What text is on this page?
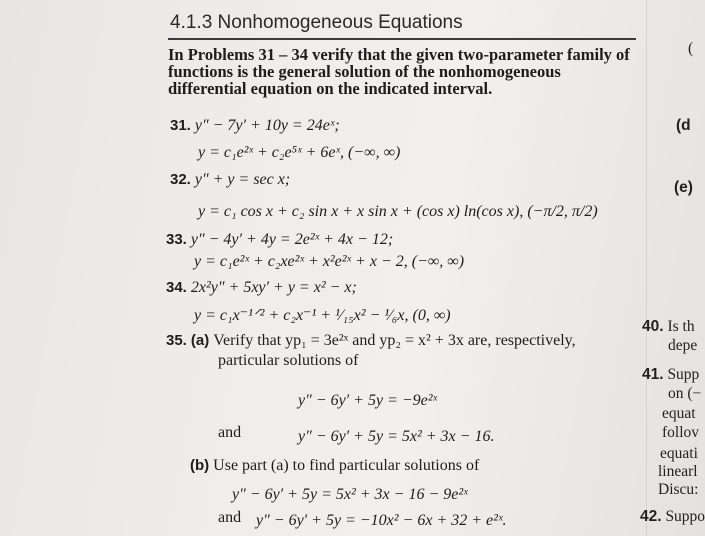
4.1.3 Nonhomogeneous Equations
In Problems 31 – 34 verify that the given two-parameter family of functions is the general solution of the nonhomogeneous differential equation on the indicated interval.
31. y″ − 7y′ + 10y = 24eˣ;
y = c₁e²ˣ + c₂e⁵ˣ + 6eˣ, (−∞, ∞)
32. y″ + y = sec x;
y = c₁ cos x + c₂ sin x + x sin x + (cos x) ln(cos x), (−π/2, π/2)
33. y″ − 4y′ + 4y = 2e²ˣ + 4x − 12;
y = c₁e²ˣ + c₂xe²ˣ + x²e²ˣ + x − 2, (−∞, ∞)
34. 2x²y″ + 5xy′ + y = x² − x;
y = c₁x⁻¹ᐟ² + c₂x⁻¹ + ¹⁄₁₅x² − ¹⁄₆x, (0, ∞)
35. (a) Verify that yp₁ = 3e²ˣ and yp₂ = x² + 3x are, respectively,
particular solutions of
y″ − 6y′ + 5y = −9e²ˣ
and	y″ − 6y′ + 5y = 5x² + 3x − 16.
(b) Use part (a) to find particular solutions of
y″ − 6y′ + 5y = 5x² + 3x − 16 − 9e²ˣ
and y″ − 6y′ + 5y = −10x² − 6x + 32 + e²ˣ.
(
(d
(e)
40. Is th
depe
41. Supp
on (−
equat
follov
equati
linearl
Discu:
42. Suppo
